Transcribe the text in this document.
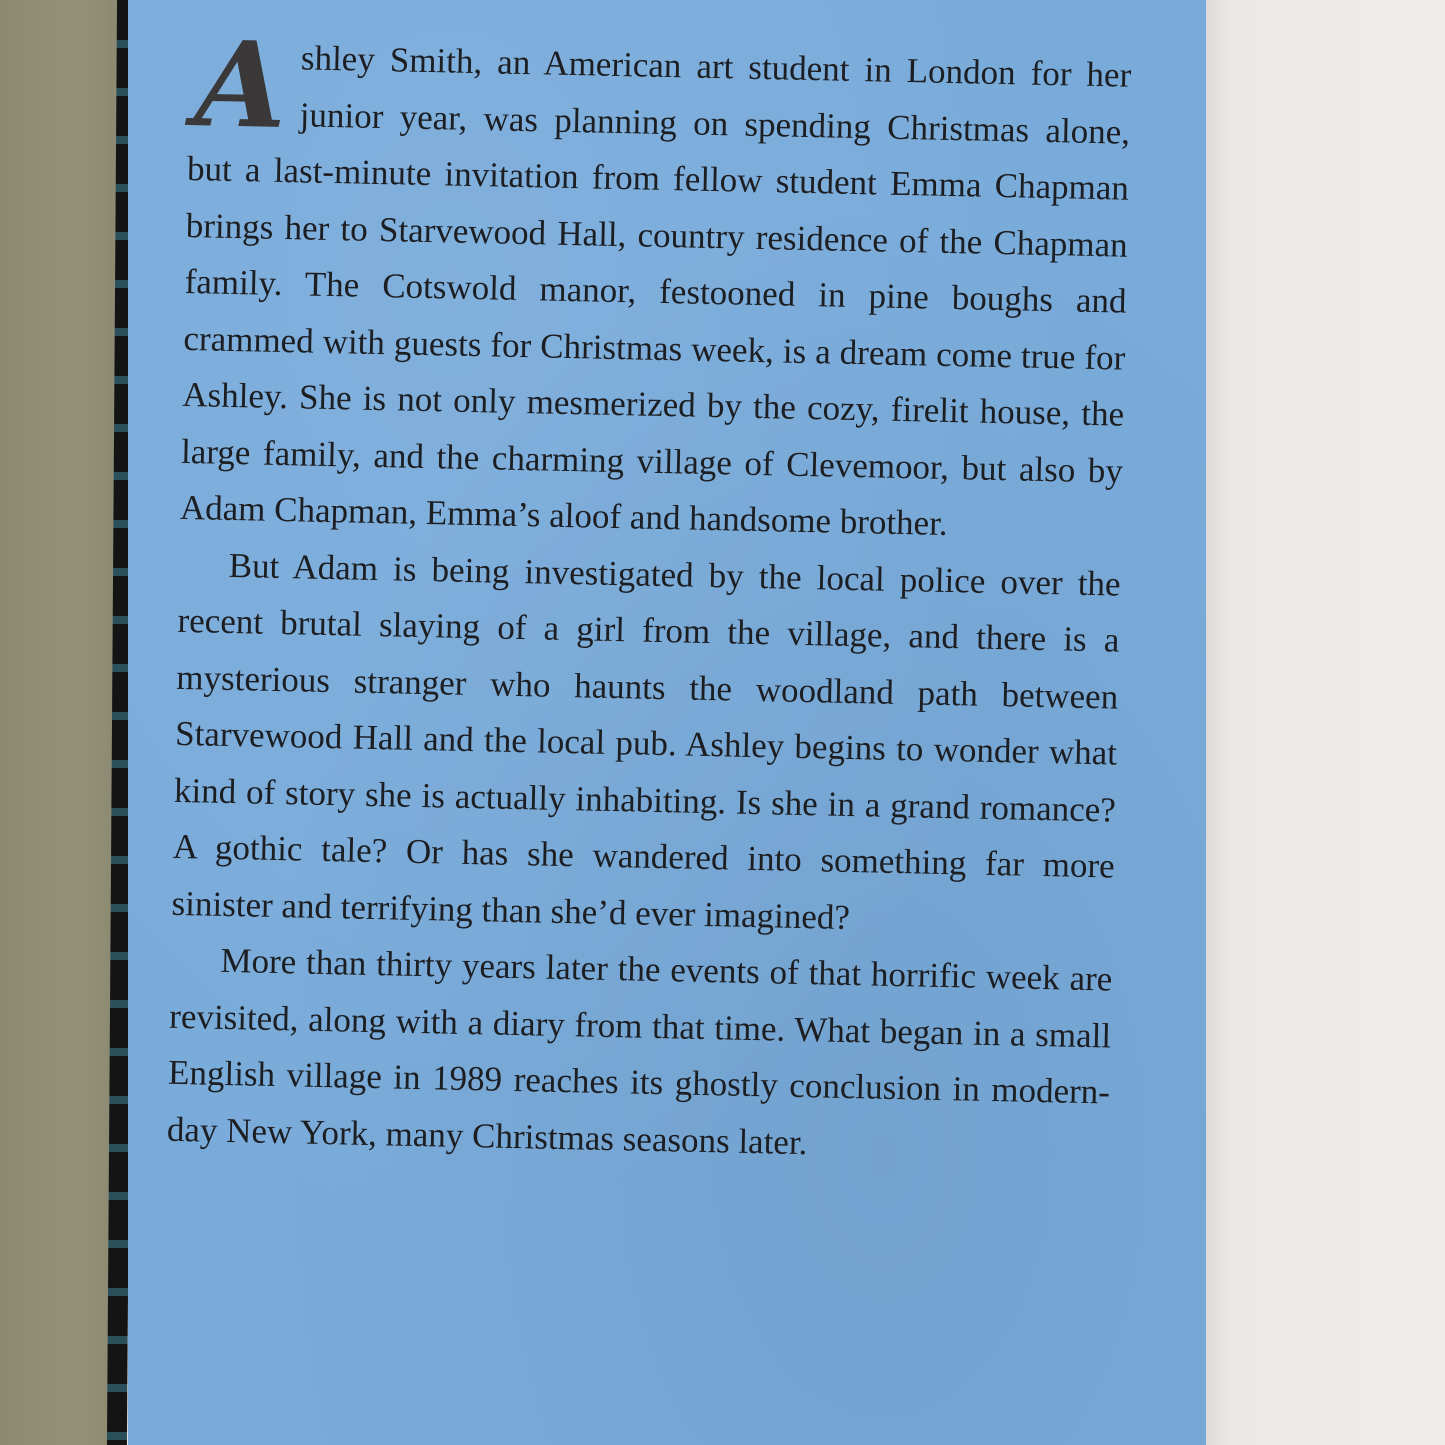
Ashley Smith, an American art student in London for her junior year, was planning on spending Christmas alone, but a last-minute invitation from fellow student Emma Chapman brings her to Starvewood Hall, country residence of the Chapman family. The Cotswold manor, festooned in pine boughs and crammed with guests for Christmas week, is a dream come true for Ashley. She is not only mesmerized by the cozy, firelit house, the large family, and the charming village of Clevemoor, but also by Adam Chapman, Emma’s aloof and handsome brother.

But Adam is being investigated by the local police over the recent brutal slaying of a girl from the village, and there is a mysterious stranger who haunts the woodland path between Starvewood Hall and the local pub. Ashley begins to wonder what kind of story she is actually inhabiting. Is she in a grand romance? A gothic tale? Or has she wandered into something far more sinister and terrifying than she’d ever imagined?

More than thirty years later the events of that horrific week are revisited, along with a diary from that time. What began in a small English village in 1989 reaches its ghostly conclusion in modern-day New York, many Christmas seasons later.
